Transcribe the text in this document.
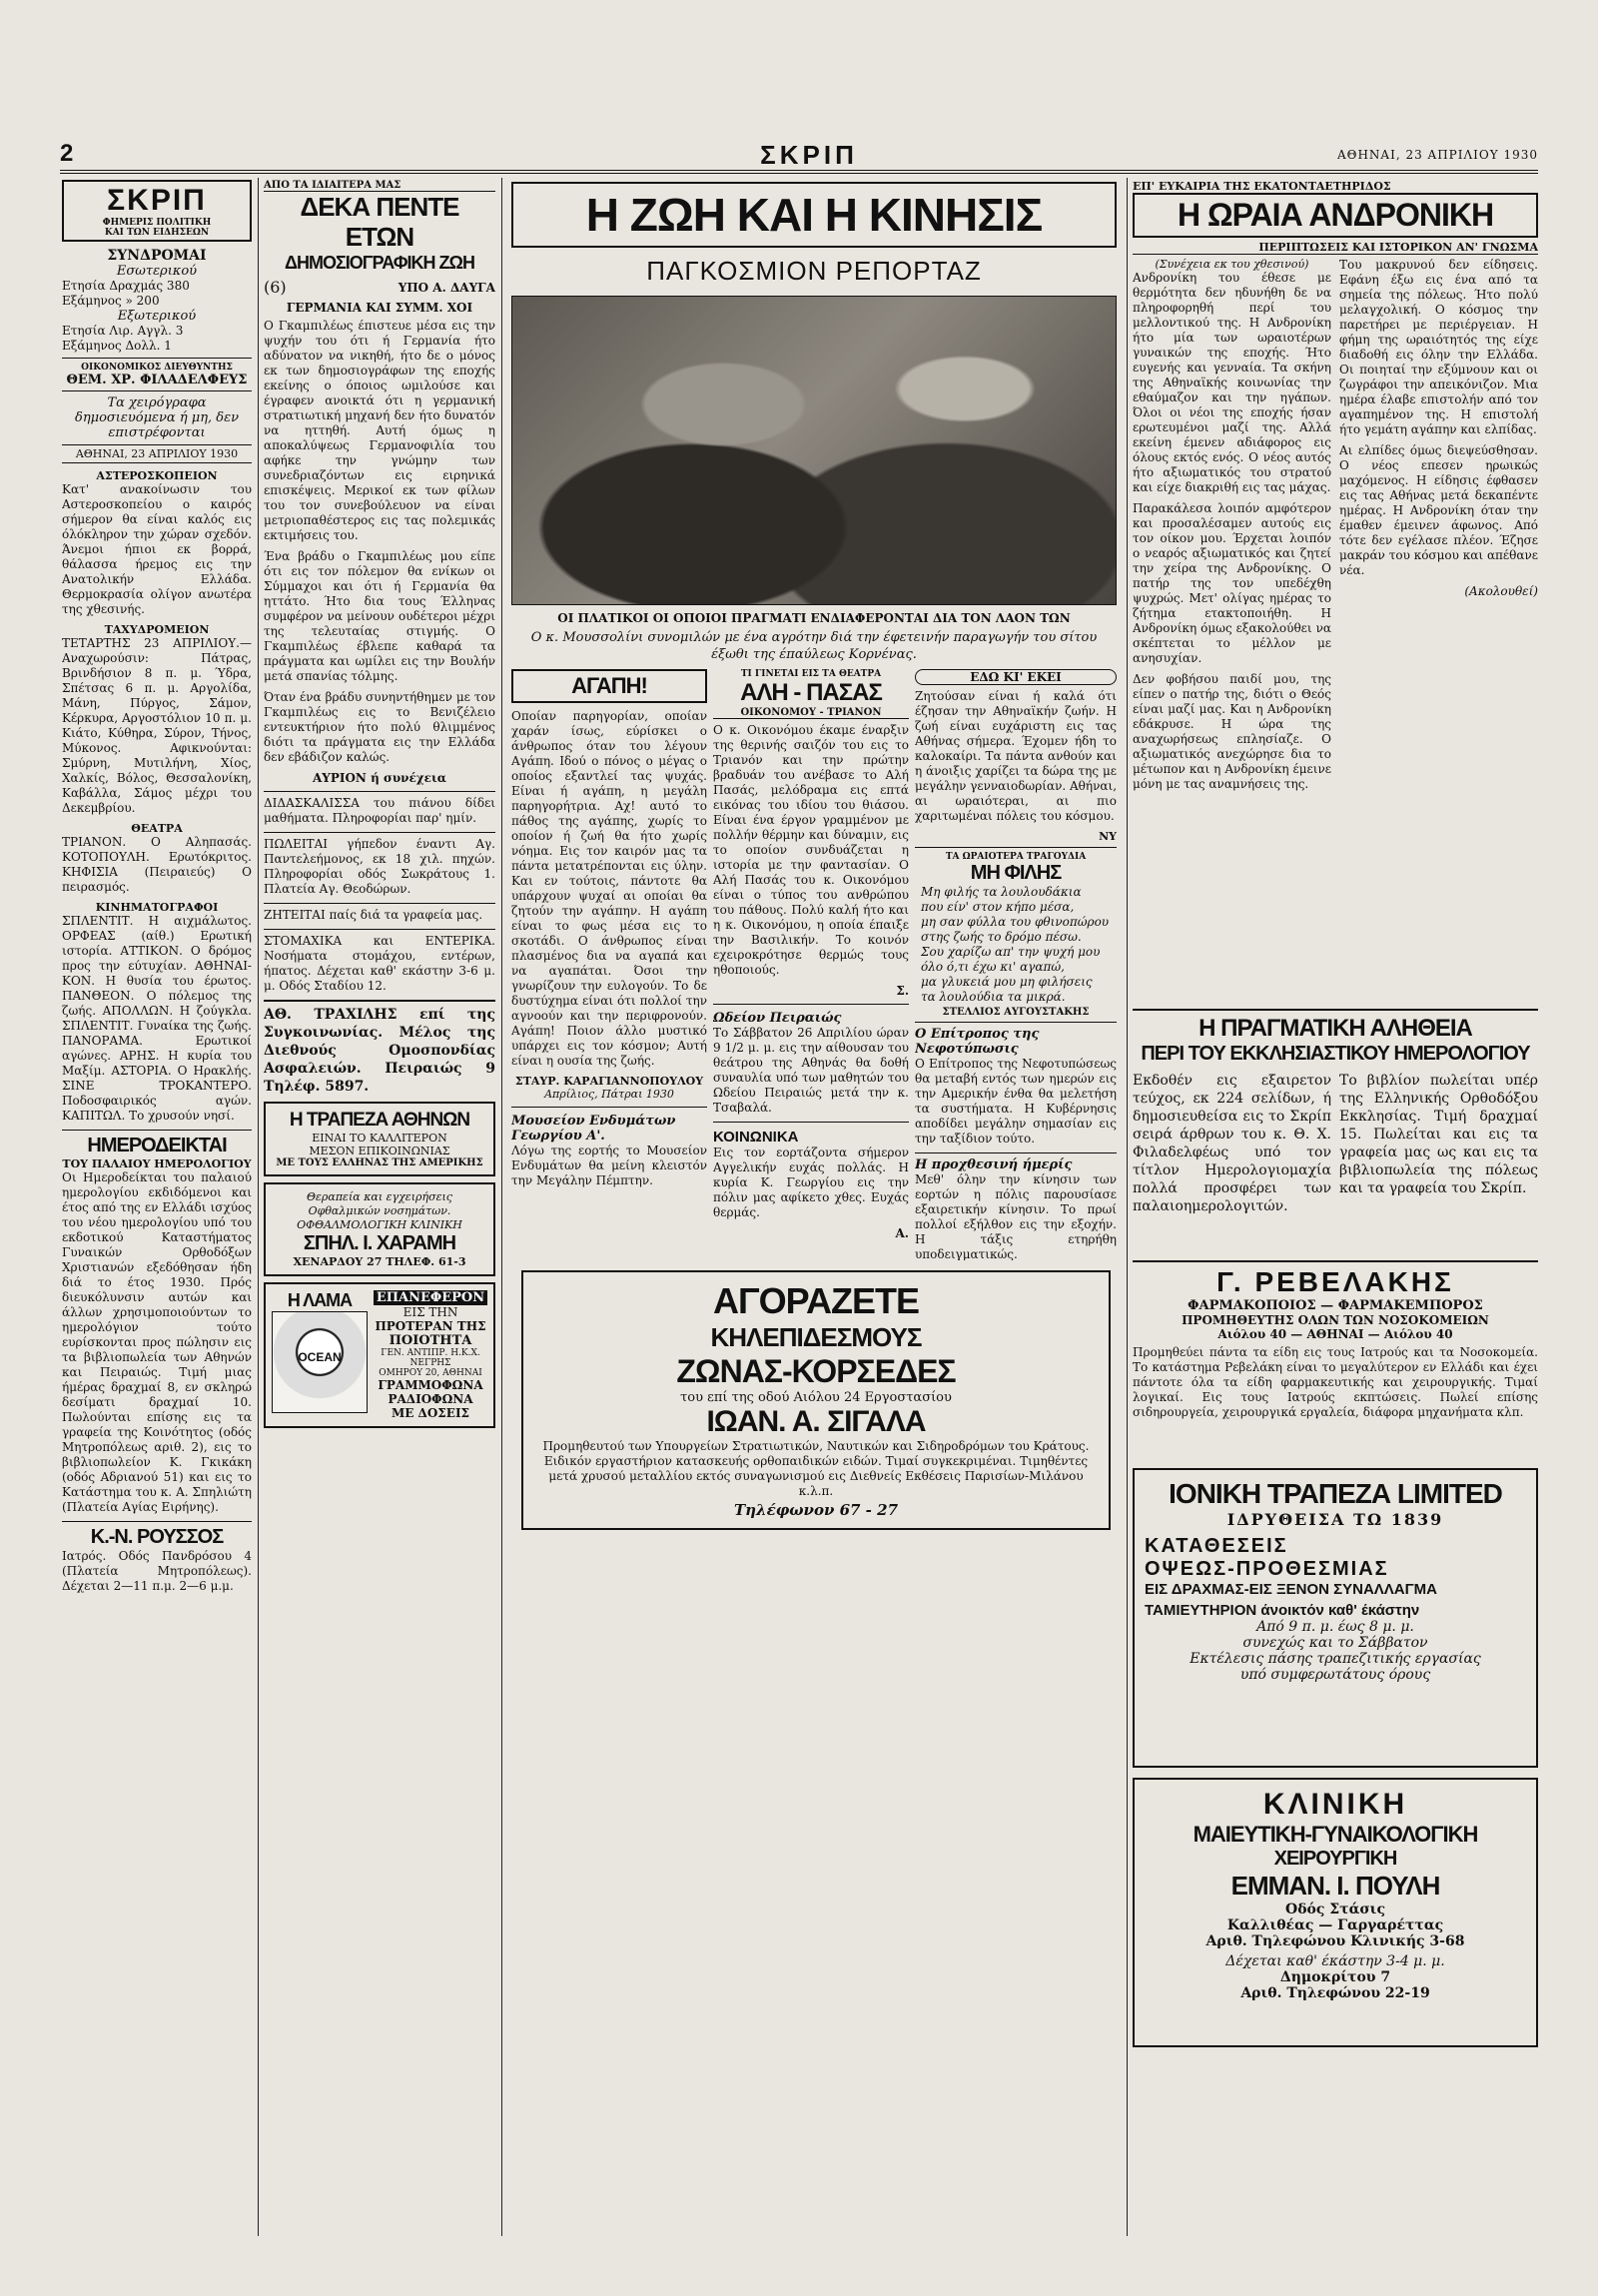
2	ΣΚΡΙΠ	ΑΘΗΝΑΙ, 23 ΑΠΡΙΛΙΟΥ 1930
ΣΚΡΙΠ
ΦΗΜΕΡΙΣ ΠΟΛΙΤΙΚΗ
ΚΑΙ ΤΩΝ ΕΙΔΗΣΕΩΝ
ΣΥΝΔΡΟΜΑΙ
Εσωτερικού
Ετησία Δραχμάς 380
Εξάμηνος » 200
Εξωτερικού
Ετησία Λιρ. Αγγλ. 3
Εξάμηνος Δολλ. 1
ΟΙΚΟΝΟΜΙΚΟΣ ΔΙΕΥΘΥΝΤΗΣ
ΘΕΜ. ΧΡ. ΦΙΛΑΔΕΛΦΕΥΣ
Τα χειρόγραφα δημοσιευόμενα ή μη, δεν επιστρέφονται
ΑΘΗΝΑΙ, 23 ΑΠΡΙΛΙΟΥ 1930
ΑΣΤΕΡΟΣΚΟΠΕΙΟΝ

Κατ' ανακοίνωσιν του Αστεροσκοπείου ο καιρός σήμερον θα είναι καλός εις όλόκληρον την χώραν σχεδόν. Άνεμοι ήπιοι εκ βορρά, θάλασσα ήρεμος εις την Ανατολικήν Ελλάδα. Θερμοκρασία ολίγον ανωτέρα της χθεσινής.

ΤΑΧΥΔΡΟΜΕΙΟΝ

ΤΕΤΑΡΤΗΣ 23 ΑΠΡΙΛΙΟΥ.— Αναχωρούσιν: Πάτρας, Βρινδήσιον 8 π. μ. Ύδρα, Σπέτσας 6 π. μ. Αργολίδα, Μάνη, Πύργος, Σάμον, Κέρκυρα, Αργοστόλιον 10 π. μ. Κιάτο, Κύθηρα, Σύρον, Τήνος, Μύκονος. Αφικνούνται: Σμύρνη, Μυτιλήνη, Χίος, Χαλκίς, Βόλος, Θεσσαλονίκη, Καβάλλα, Σάμος μέχρι του Δεκεμβρίου.

ΘΕΑΤΡΑ

ΤΡΙΑΝΟΝ. Ο Αληπασάς. ΚΟΤΟΠΟΥΛΗ. Ερωτόκριτος. ΚΗΦΙΣΙΑ (Πειραιεύς) Ο πειρασμός.

ΚΙΝΗΜΑΤΟΓΡΑΦΟΙ

ΣΠΛΕΝΤΙΤ. Η αιχμάλωτος. ΟΡΦΕΑΣ (αίθ.) Ερωτική ιστορία. ΑΤΤΙΚΟΝ. Ο δρόμος προς την εύτυχίαν. ΑΘΗΝΑΙ-ΚΟΝ. Η θυσία του έρωτος. ΠΑΝΘΕΟΝ. Ο πόλεμος της ζωής. ΑΠΟΛΛΩΝ. Η ζούγκλα. ΣΠΛΕΝΤΙΤ. Γυναίκα της ζωής. ΠΑΝΟΡΑΜΑ. Ερωτικοί αγώνες. ΑΡΗΣ. Η κυρία του Μαξίμ. ΑΣΤΟΡΙΑ. Ο Ηρακλής. ΣΙΝΕ ΤΡΟΚΑΝΤΕΡΟ. Ποδοσφαιρικός αγών. ΚΑΠΙΤΩΛ. Το χρυσούν νησί.

ΗΜΕΡΟΔΕΙΚΤΑΙ
ΤΟΥ ΠΑΛΑΙΟΥ ΗΜΕΡΟΛΟΓΙΟΥ

Οι Ημεροδείκται του παλαιού ημερολογίου εκδιδόμενοι και έτος από της εν Ελλάδι ισχύος του νέου ημερολογίου υπό του εκδοτικού Καταστήματος Γυναικών Ορθοδόξων Χριστιανών εξεδόθησαν ήδη διά το έτος 1930. Πρός διευκόλυνσιν αυτών και άλλων χρησιμοποιούντων το ημερολόγιον τούτο ευρίσκονται προς πώλησιν εις τα βιβλιοπωλεία των Αθηνών και Πειραιώς. Τιμή μιας ήμέρας δραχμαί 8, εν σκληρώ δεσίματι δραχμαί 10. Πωλούνται επίσης εις τα γραφεία της Κοινότητος (οδός Μητροπόλεως αριθ. 2), εις το βιβλιοπωλείον Κ. Γκικάκη (οδός Αδριανού 51) και εις το Κατάστημα του κ. Α. Σπηλιώτη (Πλατεία Αγίας Ειρήνης).

Κ.-Ν. ΡΟΥΣΣΟΣ

Ιατρός. Οδός Πανδρόσου 4 (Πλατεία Μητροπόλεως). Δέχεται 2—11 π.μ. 2—6 μ.μ.

ΑΠΟ ΤΑ ΙΔΙΑΙΤΕΡΑ ΜΑΣ
ΔΕΚΑ ΠΕΝΤΕ ΕΤΩΝ
ΔΗΜΟΣΙΟΓΡΑΦΙΚΗ ΖΩΗ
(6)	ΥΠΟ Α. ΔΑΥΓΑ
ΓΕΡΜΑΝΙΑ ΚΑΙ ΣΥΜΜ. ΧΟΙ

Ο Γκαμπιλέως έπιστευε μέσα εις την ψυχήν του ότι ή Γερμανία ήτο αδύνατον να νικηθή, ήτο δε ο μόνος εκ των δημοσιογράφων της εποχής εκείνης ο όποιος ωμιλούσε και έγραφεν ανοικτά ότι η γερμανική στρατιωτική μηχανή δεν ήτο δυνατόν να ηττηθή. Αυτή όμως η αποκαλύψεως Γερμανοφιλία του αφήκε την γνώμην των συνεδριαζόντων εις ειρηνικά επισκέψεις. Μερικοί εκ των φίλων του τον συνεβούλευον να είναι μετριοπαθέστερος εις τας πολεμικάς εκτιμήσεις του.

Ένα βράδυ ο Γκαμπιλέως μου είπε ότι εις τον πόλεμον θα ενίκων οι Σύμμαχοι και ότι ή Γερμανία θα ηττάτο. Ήτο δια τους Έλληνας συμφέρον να μείνουν ουδέτεροι μέχρι της τελευταίας στιγμής. Ο Γκαμπιλέως έβλεπε καθαρά τα πράγματα και ωμίλει εις την Βουλήν μετά σπανίας τόλμης.

Όταν ένα βράδυ συνηντήθημεν με τον Γκαμπιλέως εις το Βενιζέλειο εντευκτήριον ήτο πολύ θλιμμένος διότι τα πράγματα εις την Ελλάδα δεν εβάδιζον καλώς.

ΑΥΡΙΟΝ ή συνέχεια

ΔΙΔΑΣΚΑΛΙΣΣΑ του πιάνου δίδει μαθήματα. Πληροφορίαι παρ' ημίν.

ΠΩΛΕΙΤΑΙ γήπεδον έναντι Αγ. Παντελεήμονος, εκ 18 χιλ. πηχών. Πληροφορίαι οδός Σωκράτους 1. Πλατεία Αγ. Θεοδώρων.

ΖΗΤΕΙΤΑΙ παίς διά τα γραφεία μας.

ΣΤΟΜΑΧΙΚΑ και ΕΝΤΕΡΙΚΑ. Νοσήματα στομάχου, εντέρων, ήπατος. Δέχεται καθ' εκάστην 3-6 μ. μ. Οδός Σταδίου 12.

ΑΘ. ΤΡΑΧΙΛΗΣ επί της Συγκοινωνίας. Μέλος της Διεθνούς Ομοσπονδίας Ασφαλειών. Πειραιώς 9 Τηλέφ. 5897.

Η ΤΡΑΠΕΖΑ ΑΘΗΝΩΝ
ΕΙΝΑΙ ΤΟ ΚΑΛΛΙΤΕΡΟΝ
ΜΕΣΟΝ ΕΠΙΚΟΙΝΩΝΙΑΣ
ΜΕ ΤΟΥΣ ΕΛΛΗΝΑΣ ΤΗΣ ΑΜΕΡΙΚΗΣ
Θεραπεία και εγχειρήσεις Οφθαλμικών νοσημάτων. ΟΦΘΑΛΜΟΛΟΓΙΚΗ ΚΛΙΝΙΚΗ
ΣΠΗΛ. Ι. ΧΑΡΑΜΗ
ΧΕΝΑΡΔΟΥ 27 ΤΗΛΕΦ. 61-3
Η ΛΑΜΑ
OCEAN
ΕΠΑΝΕΦΕΡΟΝ
ΕΙΣ ΤΗΝ
ΠΡΟΤΕΡΑΝ ΤΗΣ
ΠΟΙΟΤΗΤΑ
ΓΕΝ. ΑΝΤΙΠΡ. Η.Κ.Χ. ΝΕΓΡΗΣ
ΟΜΗΡΟΥ 20, ΑΘΗΝΑΙ
ΓΡΑΜΜΟΦΩΝΑ
ΡΑΔΙΟΦΩΝΑ
ΜΕ ΔΟΣΕΙΣ
Η ΖΩΗ ΚΑΙ Η ΚΙΝΗΣΙΣ
ΠΑΓΚΟΣΜΙΟΝ ΡΕΠΟΡΤΑΖ
ΟΙ ΠΛΑΤΙΚΟΙ ΟΙ ΟΠΟΙΟΙ ΠΡΑΓΜΑΤΙ ΕΝΔΙΑΦΕΡΟΝΤΑΙ ΔΙΑ ΤΟΝ ΛΑΟΝ ΤΩΝ
Ο κ. Μουσσολίνι συνομιλών με ένα αγρότην διά την έφετεινήν παραγωγήν του σίτου έξωθι της έπαύλεως Κορνένας.
ΑΓΑΠΗ!

Οποίαν παρηγορίαν, οποίαν χαράν ίσως, εύρίσκει ο άνθρωπος όταν του λέγουν Αγάπη. Ιδού ο πόνος ο μέγας ο οποίος εξαντλεί τας ψυχάς. Είναι ή αγάπη, η μεγάλη παρηγορήτρια. Αχ! αυτό το πάθος της αγάπης, χωρίς το οποίον ή ζωή θα ήτο χωρίς νόημα. Εις τον καιρόν μας τα πάντα μετατρέπονται εις ύλην. Και εν τούτοις, πάντοτε θα υπάρχουν ψυχαί αι οποίαι θα ζητούν την αγάπην. Η αγάπη είναι το φως μέσα εις το σκοτάδι. Ο άνθρωπος είναι πλασμένος δια να αγαπά και να αγαπάται. Όσοι την γνωρίζουν την ευλογούν. Το δε δυστύχημα είναι ότι πολλοί την αγνοούν και την περιφρονούν. Αγάπη! Ποιον άλλο μυστικό υπάρχει εις τον κόσμον; Αυτή είναι η ουσία της ζωής.

ΣΤΑΥΡ. ΚΑΡΑΓΙΑΝΝΟΠΟΥΛΟΥ
Απρίλιος, Πάτραι 1930
Μουσείον Ενδυμάτων Γεωργίου Α'.

Λόγω της εορτής το Μουσείον Ενδυμάτων θα μείνη κλειστόν την Μεγάλην Πέμπτην.

ΤΙ ΓΙΝΕΤΑΙ ΕΙΣ ΤΑ ΘΕΑΤΡΑ
ΑΛΗ - ΠΑΣΑΣ
ΟΙΚΟΝΟΜΟΥ - ΤΡΙΑΝΟΝ

Ο κ. Οικονόμου έκαμε έναρξιν της θερινής σαιζόν του εις το Τριανόν και την πρώτην βραδυάν του ανέβασε το Αλή Πασάς, μελόδραμα εις επτά εικόνας του ιδίου του θιάσου. Είναι ένα έργον γραμμένον με πολλήν θέρμην και δύναμιν, εις το οποίον συνδυάζεται η ιστορία με την φαντασίαν. Ο Αλή Πασάς του κ. Οικονόμου είναι ο τύπος του ανθρώπου του πάθους. Πολύ καλή ήτο και η κ. Οικονόμου, η οποία έπαιξε την Βασιλικήν. Το κοινόν εχειροκρότησε θερμώς τους ηθοποιούς.

Σ.
Ωδείον Πειραιώς

Το Σάββατον 26 Απριλίου ώραν 9 1/2 μ. μ. εις την αίθουσαν του θεάτρου της Αθηνάς θα δοθή συναυλία υπό των μαθητών του Ωδείου Πειραιώς μετά την κ. Τσαβαλά.

ΚΟΙΝΩΝΙΚΑ

Εις τον εορτάζοντα σήμερον Αγγελικήν ευχάς πολλάς. Η κυρία Κ. Γεωργίου εις την πόλιν μας αφίκετο χθες. Ευχάς θερμάς.

Α.
ΕΔΩ ΚΙ' ΕΚΕΙ

Ζητούσαν είναι ή καλά ότι έζησαν την Αθηναϊκήν ζωήν. Η ζωή είναι ευχάριστη εις τας Αθήνας σήμερα. Έχομεν ήδη το καλοκαίρι. Τα πάντα ανθούν και η άνοιξις χαρίζει τα δώρα της με μεγάλην γενναιοδωρίαν. Αθήναι, αι ωραιότεραι, αι πιο χαριτωμέναι πόλεις του κόσμου.

ΝΥ
ΤΑ ΩΡΑΙΟΤΕΡΑ ΤΡΑΓΟΥΔΙΑ
ΜΗ ΦΙΛΗΣ
Μη φιλής τα λουλουδάκια
που είν' στον κήπο μέσα,
μη σαν φύλλα του φθινοπώρου
στης ζωής το δρόμο πέσω.
Σου χαρίζω απ' την ψυχή μου
όλο ό,τι έχω κι' αγαπώ,
μα γλυκειά μου μη φιλήσεις
τα λουλούδια τα μικρά.
ΣΤΕΛΛΙΟΣ ΑΥΓΟΥΣΤΑΚΗΣ
Ο Επίτροπος της Νεφοτύπωσις

Ο Επίτροπος της Νεφοτυπώσεως θα μεταβή εντός των ημερών εις την Αμερικήν ένθα θα μελετήση τα συστήματα. Η Κυβέρνησις αποδίδει μεγάλην σημασίαν εις την ταξίδιον τούτο.

Η προχθεσινή ήμερίς

Μεθ' όλην την κίνησιν των εορτών η πόλις παρουσίασε εξαιρετικήν κίνησιν. Το πρωί πολλοί εξήλθον εις την εξοχήν. Η τάξις ετηρήθη υποδειγματικώς.

ΑΓΟΡΑΖΕΤΕ
ΚΗΛΕΠΙΔΕΣΜΟΥΣ
ΖΩΝΑΣ-ΚΟΡΣΕΔΕΣ
του επί της οδού Αιόλου 24 Εργοστασίου
ΙΩΑΝ. Α. ΣΙΓΑΛΑ
Προμηθευτού των Υπουργείων Στρατιωτικών, Ναυτικών και Σιδηροδρόμων του Κράτους. Ειδικόν εργαστήριον κατασκευής ορθοπαιδικών ειδών. Τιμαί συγκεκριμέναι. Τιμηθέντες μετά χρυσού μεταλλίου εκτός συναγωνισμού εις Διεθνείς Εκθέσεις Παρισίων-Μιλάνου κ.λ.π.
Τηλέφωνον 67 - 27
ΕΠ' ΕΥΚΑΙΡΙΑ ΤΗΣ ΕΚΑΤΟΝΤΑΕΤΗΡΙΔΟΣ
Η ΩΡΑΙΑ ΑΝΔΡΟΝΙΚΗ
ΠΕΡΙΠΤΩΣΕΙΣ ΚΑΙ ΙΣΤΟΡΙΚΟΝ ΑΝ' ΓΝΩΣΜΑ
(Συνέχεια εκ του χθεσινού)

Ανδρονίκη του έθεσε με θερμότητα δεν ηδυνήθη δε να πληροφορηθή περί του μελλοντικού της. Η Ανδρονίκη ήτο μία των ωραιοτέρων γυναικών της εποχής. Ήτο ευγενής και γενναία. Τα σκήνη της Αθηναϊκής κοινωνίας την εθαύμαζον και την ηγάπων. Όλοι οι νέοι της εποχής ήσαν ερωτευμένοι μαζί της. Αλλά εκείνη έμενεν αδιάφορος εις όλους εκτός ενός. Ο νέος αυτός ήτο αξιωματικός του στρατού και είχε διακριθή εις τας μάχας.

Παρακάλεσα λοιπόν αμφότερον και προσαλέσαμεν αυτούς εις τον οίκον μου. Έρχεται λοιπόν ο νεαρός αξιωματικός και ζητεί την χείρα της Ανδρονίκης. Ο πατήρ της τον υπεδέχθη ψυχρώς. Μετ' ολίγας ημέρας το ζήτημα ετακτοποιήθη. Η Ανδρονίκη όμως εξακολούθει να σκέπτεται το μέλλον με ανησυχίαν.

Δεν φοβήσου παιδί μου, της είπεν ο πατήρ της, διότι ο Θεός είναι μαζί μας. Και η Ανδρονίκη εδάκρυσε. Η ώρα της αναχωρήσεως επλησίαζε. Ο αξιωματικός ανεχώρησε δια το μέτωπον και η Ανδρονίκη έμεινε μόνη με τας αναμνήσεις της.

Του μακρυνού δεν είδησεις. Εφάνη έξω εις ένα από τα σημεία της πόλεως. Ήτο πολύ μελαγχολική. Ο κόσμος την παρετήρει με περιέργειαν. Η φήμη της ωραιότητός της είχε διαδοθή εις όλην την Ελλάδα. Οι ποιηταί την εξύμνουν και οι ζωγράφοι την απεικόνιζον. Μια ημέρα έλαβε επιστολήν από τον αγαπημένον της. Η επιστολή ήτο γεμάτη αγάπην και ελπίδας.

Αι ελπίδες όμως διεψεύσθησαν. Ο νέος επεσεν ηρωικώς μαχόμενος. Η είδησις έφθασεν εις τας Αθήνας μετά δεκαπέντε ημέρας. Η Ανδρονίκη όταν την έμαθεν έμεινεν άφωνος. Από τότε δεν εγέλασε πλέον. Έζησε μακράν του κόσμου και απέθανε νέα.

(Ακολουθεί)
Η ΠΡΑΓΜΑΤΙΚΗ ΑΛΗΘΕΙΑ
ΠΕΡΙ ΤΟΥ ΕΚΚΛΗΣΙΑΣΤΙΚΟΥ ΗΜΕΡΟΛΟΓΙΟΥ

Εκδοθέν εις εξαιρετον τεύχος, εκ 224 σελίδων, ή δημοσιευθείσα εις το Σκρίπ σειρά άρθρων του κ. Θ. Χ. Φιλαδελφέως υπό τον τίτλον Ημερολογιομαχία πολλά προσφέρει των παλαιοημερολογιτών.

Το βιβλίον πωλείται υπέρ της Ελληνικής Ορθοδόξου Εκκλησίας. Τιμή δραχμαί 15. Πωλείται και εις τα γραφεία μας ως και εις τα βιβλιοπωλεία της πόλεως και τα γραφεία του Σκρίπ.

Γ. ΡΕΒΕΛΑΚΗΣ
ΦΑΡΜΑΚΟΠΟΙΟΣ — ΦΑΡΜΑΚΕΜΠΟΡΟΣ
ΠΡΟΜΗΘΕΥΤΗΣ ΟΛΩΝ ΤΩΝ ΝΟΣΟΚΟΜΕΙΩΝ
Αιόλου 40 — ΑΘΗΝΑΙ — Αιόλου 40

Προμηθεύει πάντα τα είδη εις τους Ιατρούς και τα Νοσοκομεία. Το κατάστημα Ρεβελάκη είναι το μεγαλύτερον εν Ελλάδι και έχει πάντοτε όλα τα είδη φαρμακευτικής και χειρουργικής. Τιμαί λογικαί. Εις τους Ιατρούς εκπτώσεις. Πωλεί επίσης σιδηρουργεία, χειρουργικά εργαλεία, διάφορα μηχανήματα κλπ.

ΙΟΝΙΚΗ ΤΡΑΠΕΖΑ LIMITED
ΙΔΡΥΘΕΙΣΑ ΤΩ 1839
ΚΑΤΑΘΕΣΕΙΣ
ΟΨΕΩΣ-ΠΡΟΘΕΣΜΙΑΣ
ΕΙΣ ΔΡΑΧΜΑΣ-ΕΙΣ ΞΕΝΟΝ ΣΥΝΑΛΛΑΓΜΑ
ΤΑΜΙΕΥΤΗΡΙΟΝ άνοικτόν καθ' έκάστην
Από 9 π. μ. έως 8 μ. μ.
συνεχώς και το Σάββατον
Εκτέλεσις πάσης τραπεζιτικής εργασίας
υπό συμφερωτάτους όρους
ΚΛΙΝΙΚΗ
ΜΑΙΕΥΤΙΚΗ-ΓΥΝΑΙΚΟΛΟΓΙΚΗ
ΧΕΙΡΟΥΡΓΙΚΗ
ΕΜΜΑΝ. Ι. ΠΟΥΛΗ
Οδός Στάσις
Καλλιθέας — Γαργαρέττας
Αριθ. Τηλεφώνου Κλινικής 3-68
Δέχεται καθ' έκάστην 3-4 μ. μ.
Δημοκρίτου 7
Αριθ. Τηλεφώνου 22-19
